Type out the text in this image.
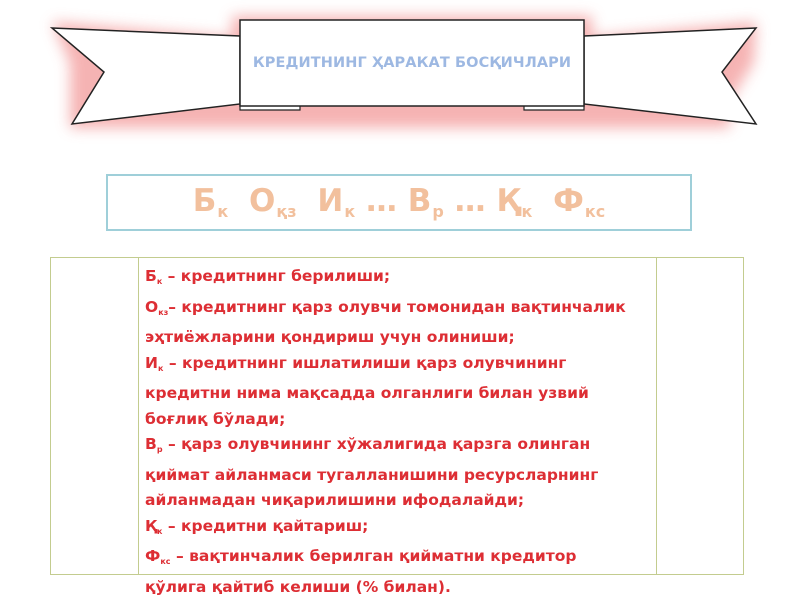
КРЕДИТНИНГ ҲАРАКАТ БОСҚИЧЛАРИ
$Б_к$ $О_{қз}$ $И_к$ … $В_р$ … $Қ_к$ $Ф_{кс}$
$Б_к$ – кредитнинг берилиши;
$О_{кз}-$ кредитнинг қарз олувчи томонидан вақтинчалик
эҳтиёжларини қондириш учун олиниши;
$И_к$ – кредитнинг ишлатилиши қарз олувчининг
кредитни нима мақсадда олганлиги билан узвий
боғлиқ бўлади;
$В_р$ – қарз олувчининг хўжалигида қарзга олинган
қиймат айланмаси тугалланишини ресурсларнинг
айланмадан чиқарилишини ифодалайди;
$Қ_к$ – кредитни қайтариш;
$Ф_{кс}$ – вақтинчалик берилган қийматни кредитор
қўлига қайтиб келиши (% билан).
